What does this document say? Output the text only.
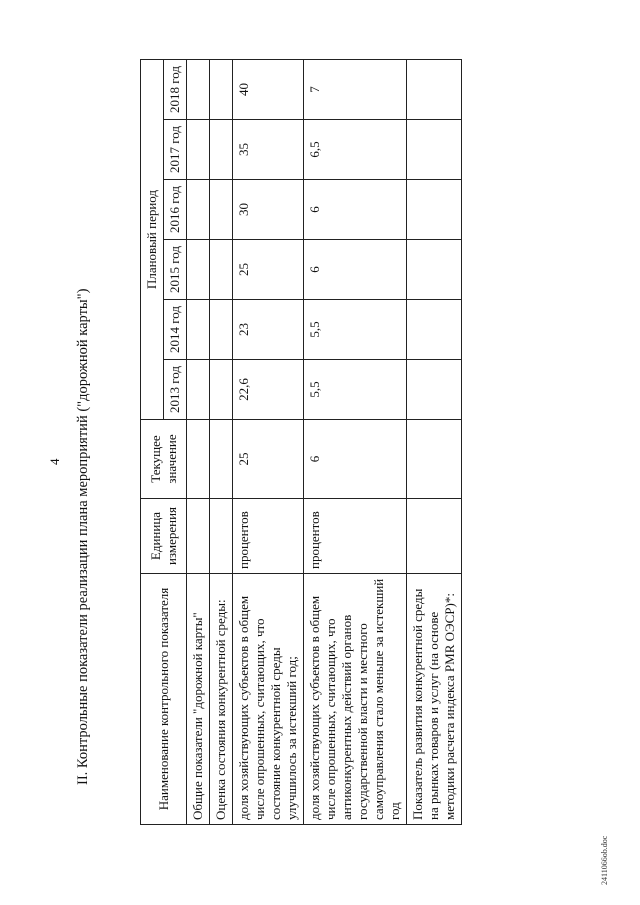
4 II. Контрольные показатели реализации плана мероприятий ("дорожной карты")	Наименование контрольного показателя	Единица измерения	Текущее значение	Плановый период					
			2013 год	2014 год	2015 год	2016 год	2017 год	2018 год
Общие показатели "дорожной карты"								
Оценка состояния конкурентной среды:								
доля хозяйствующих субъектов в общем числе опрошенных, считающих, что состояние конкурентной среды улучшилось за истекший год;	процентов	25	22,6	23	25	30	35	40
доля хозяйствующих субъектов в общем числе опрошенных, считающих, что антиконкурентных действий органов государственной власти и местного самоуправления стало меньше за истекший год	процентов	6	5,5	5,5	6	6	6,5	7
Показатель развития конкурентной среды на рынках товаров и услуг (на основе методики расчета индекса PMR ОЭСР)*:								
2411066ob.doc
